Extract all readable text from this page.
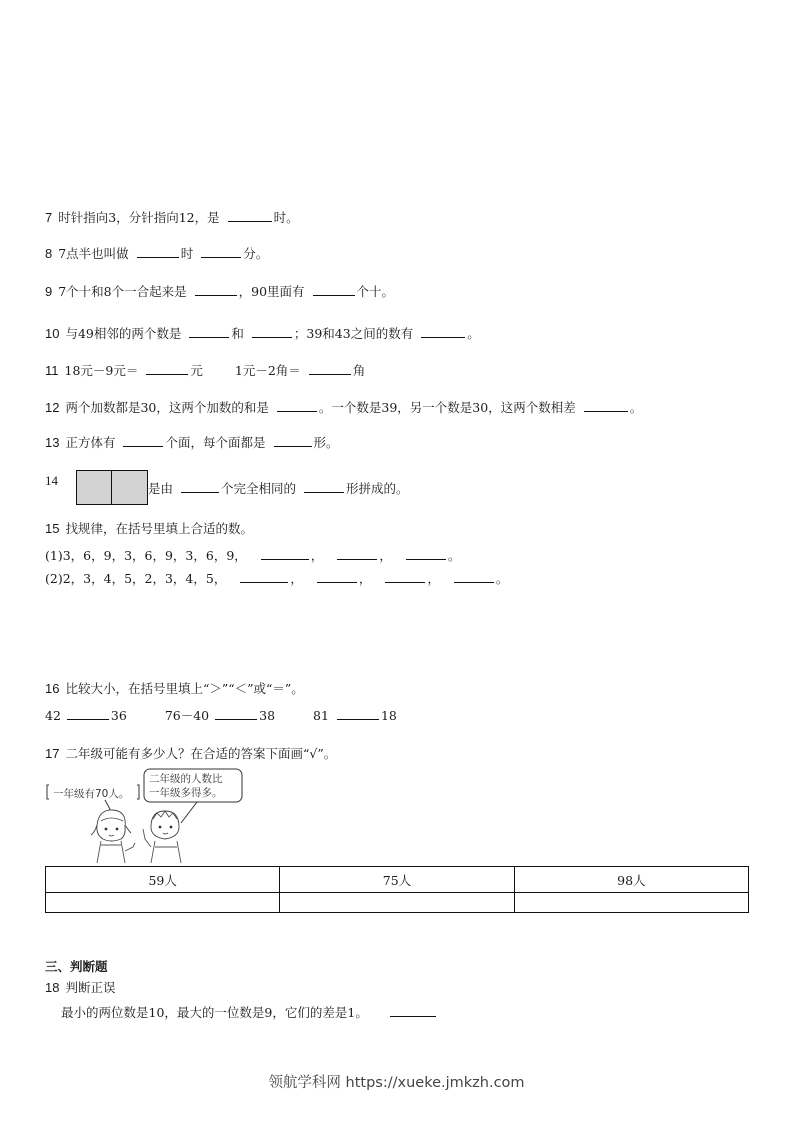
7 时针指向3，分针指向12，是	时。
8 7点半也叫做	时	分。
9 7个十和8个一合起来是	，90里面有	个十。
10 与49相邻的两个数是	和	；39和43之间的数有	。
11 18元－9元＝	元	1元－2角＝	角
12 两个加数都是30，这两个加数的和是	。一个数是39，另一个数是30，这两个数相差	。
13 正方体有	个面，每个面都是	形。
14
是由	个完全相同的	形拼成的。
15 找规律，在括号里填上合适的数。
(1)3，6，9，3，6，9，3，6，9，	，	，	。
(2)2，3，4，5，2，3，4，5，	，	，	，	。
16 比较大小，在括号里填上“＞”“＜”或“＝”。
42	36	76－40	38	81	18
17 二年级可能有多少人？在合适的答案下面画“√”。
一年级有70人。
二年级的人数比
一年级多得多。
59人	75人	98人

三、判断题
18 判断正误
最小的两位数是10，最大的一位数是9，它们的差是1。
领航学科网 https://xueke.jmkzh.com
